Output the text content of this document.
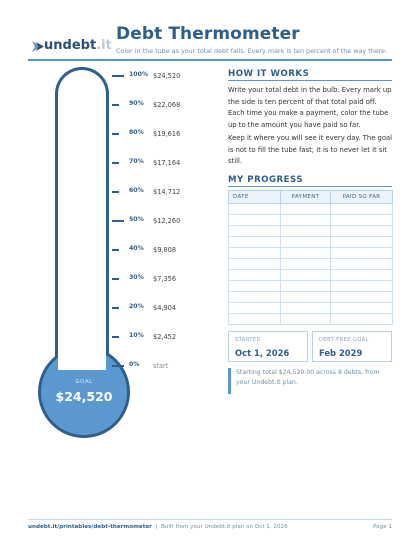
undebt.it
Debt Thermometer
Color in the tube as your total debt falls. Every mark is ten percent of the way there.
GOAL
$24,520
100% $24,520
90% $22,068
80% $19,616
70% $17,164
60% $14,712
50% $12,260
40% $9,808
30% $7,356
20% $4,904
10% $2,452
0% start
HOW IT WORKS
Write your total debt in the bulb. Every mark up the side is ten percent of that total paid off. Each time you make a payment, color the tube up to the amount you have paid so far.
Keep it where you will see it every day. The goal is not to fill the tube fast; it is to never let it sit still.
MY PROGRESS
DATE	PAYMENT	PAID SO FAR

STARTED
Oct 1, 2026
DEBT-FREE GOAL
Feb 2029
Starting total $24,520.00 across 8 debts, from your Undebt.it plan.
undebt.it/printables/debt-thermometer  |  Built from your Undebt.it plan on Oct 1, 2026	Page 1
